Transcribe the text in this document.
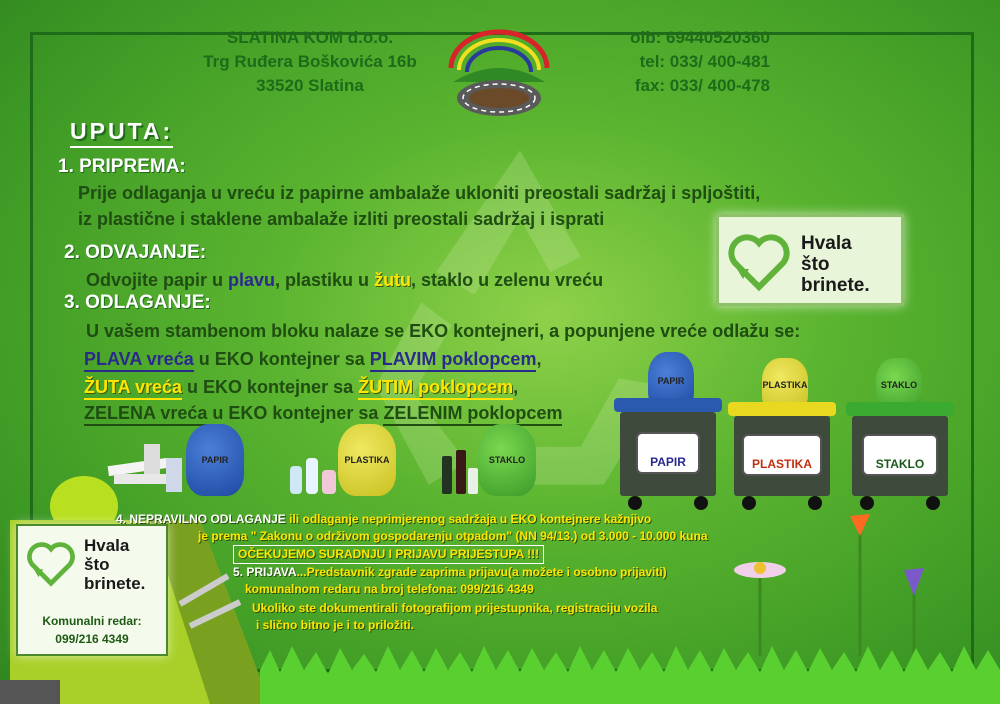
SLATINA KOM d.o.o.
Trg Ruđera Boškovića 16b
33520 Slatina
oib: 69440520360
tel: 033/ 400-481
fax: 033/ 400-478
UPUTA:
1. PRIPREMA:
Prije odlaganja u vreću iz papirne ambalaže ukloniti preostali sadržaj i spljoštiti,
iz plastične i staklene ambalaže izliti preostali sadržaj i isprati
2. ODVAJANJE:
Odvojite papir u plavu, plastiku u žutu, staklo u zelenu vreću
3. ODLAGANJE:
U vašem stambenom bloku nalaze se EKO kontejneri, a popunjene vreće odlažu se:
PLAVA vreća u EKO kontejner sa PLAVIM poklopcem,
ŽUTA vreća u EKO kontejner sa ŽUTIM poklopcem,
ZELENA vreća u EKO kontejner sa ZELENIM poklopcem
Hvala
što
brinete.
PAPIR	PLASTIKA	STAKLO
PAPIR
PAPIR
PLASTIKA
PLASTIKA
STAKLO
STAKLO
Hvala
što
brinete.
Komunalni redar:
099/216 4349
4. NEPRAVILNO ODLAGANJE ili odlaganje neprimjerenog sadržaja u EKO kontejnere kažnjivo
je prema " Zakonu o održivom gospodarenju otpadom" (NN 94/13.) od 3.000 - 10.000 kuna
OČEKUJEMO SURADNJU I PRIJAVU PRIJESTUPA !!!
5. PRIJAVA...Predstavnik zgrade zaprima prijavu(a možete i osobno prijaviti)
komunalnom redaru na broj telefona: 099/216 4349
Ukoliko ste dokumentirali fotografijom prijestupnika, registraciju vozila
i slično bitno je i to priložiti.
